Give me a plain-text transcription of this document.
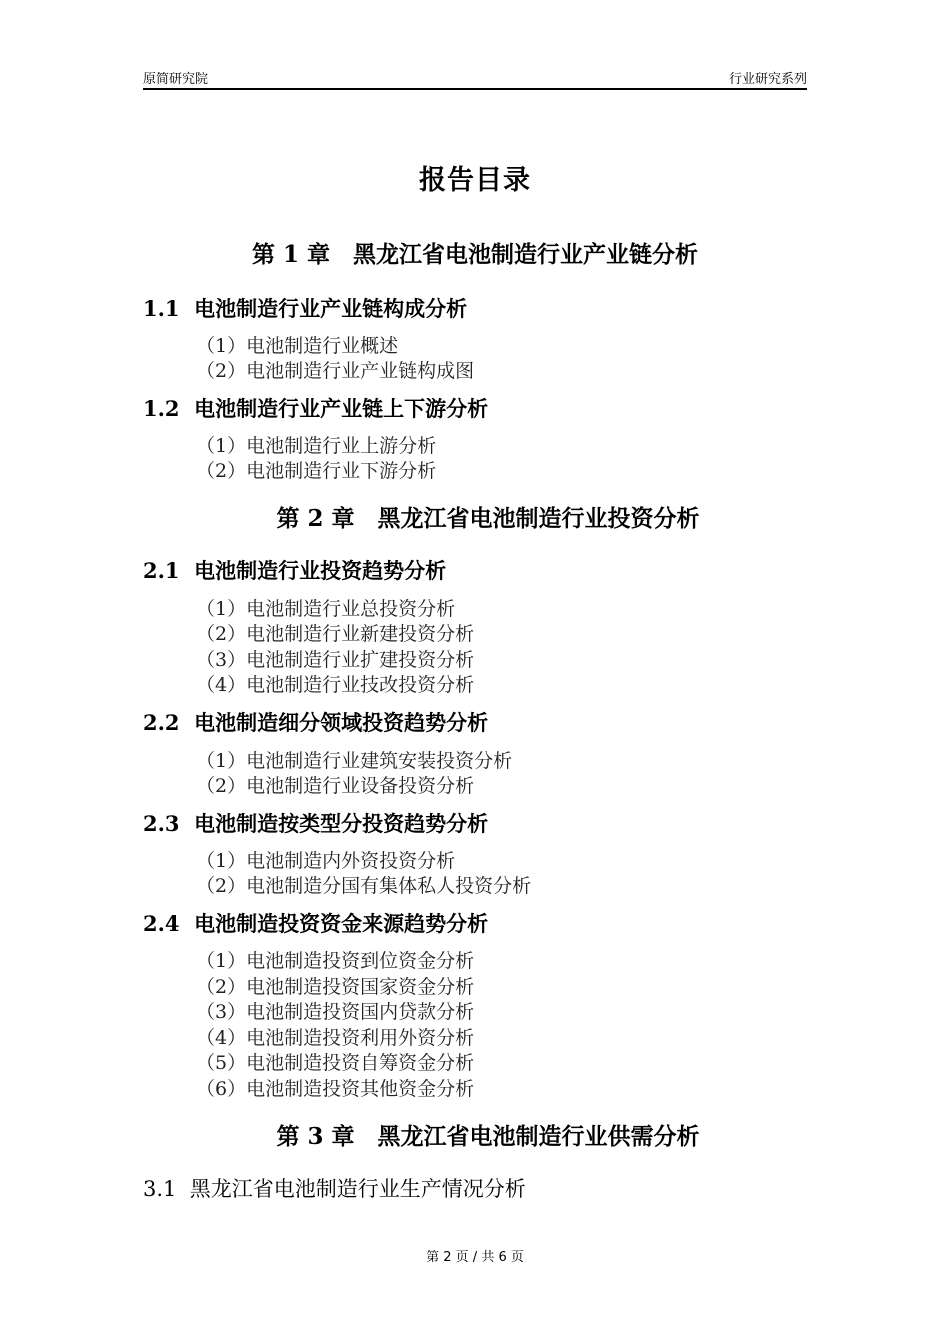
原简研究院	行业研究系列
报告目录
第 1 章　黑龙江省电池制造行业产业链分析
1.1  电池制造行业产业链构成分析
（1）电池制造行业概述
（2）电池制造行业产业链构成图
1.2  电池制造行业产业链上下游分析
（1）电池制造行业上游分析
（2）电池制造行业下游分析
第 2 章　黑龙江省电池制造行业投资分析
2.1  电池制造行业投资趋势分析
（1）电池制造行业总投资分析
（2）电池制造行业新建投资分析
（3）电池制造行业扩建投资分析
（4）电池制造行业技改投资分析
2.2  电池制造细分领域投资趋势分析
（1）电池制造行业建筑安装投资分析
（2）电池制造行业设备投资分析
2.3  电池制造按类型分投资趋势分析
（1）电池制造内外资投资分析
（2）电池制造分国有集体私人投资分析
2.4  电池制造投资资金来源趋势分析
（1）电池制造投资到位资金分析
（2）电池制造投资国家资金分析
（3）电池制造投资国内贷款分析
（4）电池制造投资利用外资分析
（5）电池制造投资自筹资金分析
（6）电池制造投资其他资金分析
第 3 章　黑龙江省电池制造行业供需分析
3.1  黑龙江省电池制造行业生产情况分析
第 2 页 / 共 6 页
